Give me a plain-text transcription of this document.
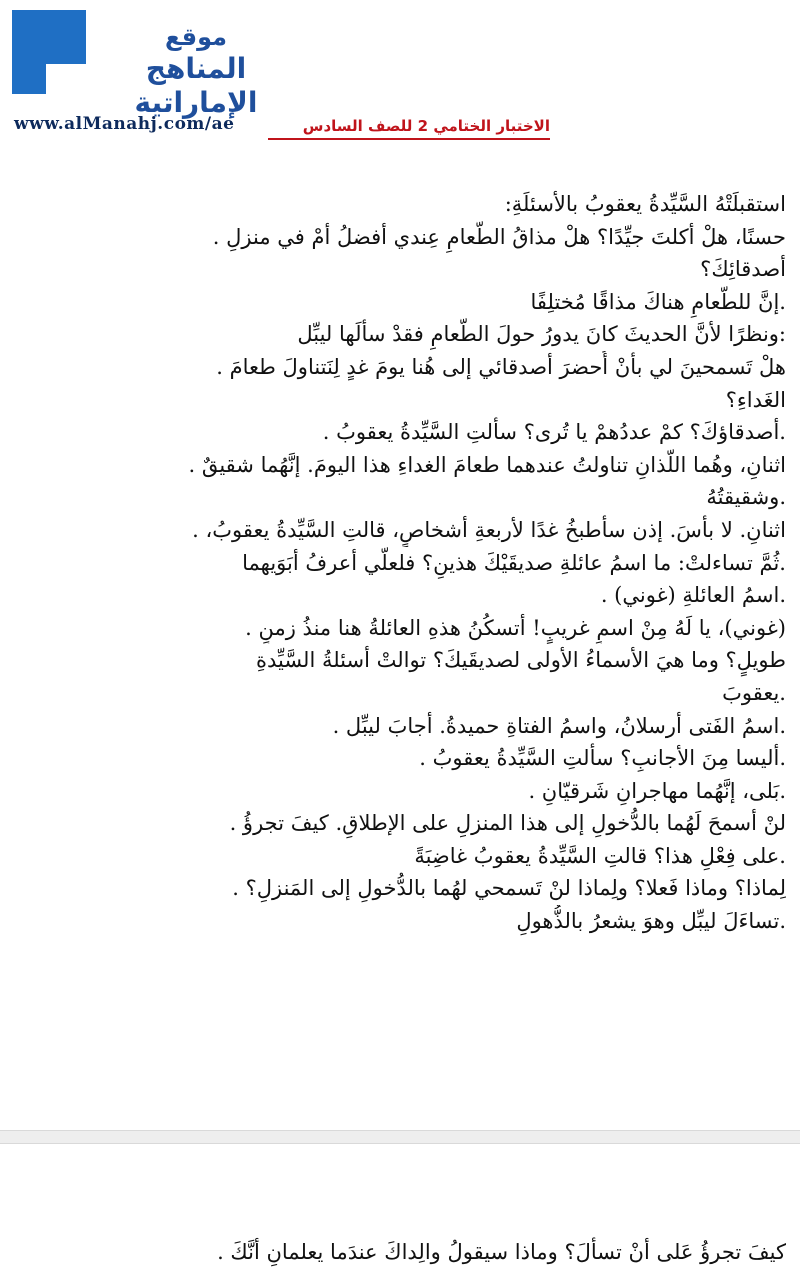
موقع
المناهج الإماراتية
www.alManahj.com/ae	الاختبار الختامي 2 للصف السادس
استقبلَتْهُ السَّيِّدةُ يعقوبُ بالأسئلَةِ:
حسنًا، هلْ أكلتَ جيِّدًا؟ هلْ مذاقُ الطَّعامِ عِندي أفضلُ أمْ في منزلِ .
أصدقائِكَ؟
.إنَّ للطَّعامِ هناكَ مذاقًا مُختلِفًا
:ونظرًا لأنَّ الحديثَ كانَ يدورُ حولَ الطَّعامِ فقدْ سألَها ليبِّل
هلْ تَسمحينَ لي بأنْ أُحضرَ أصدقائي إلى هُنا يومَ غدٍ لِنَتناولَ طعامَ .
الغَداءِ؟
.أصدقاؤكَ؟ كمْ عددُهمْ يا تُرى؟ سألتِ السَّيِّدةُ يعقوبُ .
اثنانِ، وهُما اللّذانِ تناولتُ عندهما طعامَ الغداءِ هذا اليومَ. إنَّهُما شقيقٌ .
.وشقيقتُهُ
اثنانِ. لا بأسَ. إذن سأطبخُ غدًا لأربعةِ أشخاصٍ، قالتِ السَّيِّدةُ يعقوبُ، .
.ثُمَّ تساءلتْ: ما اسمُ عائلةِ صديقَيْكَ هذينِ؟ فلعلّي أعرفُ أبَوَيهما
.اسمُ العائلةِ (غوني) .
(غوني)، يا لَهُ مِنْ اسمٍ غريبٍ! أتسكُنُ هذهِ العائلةُ هنا منذُ زمنٍ .
طويلٍ؟ وما هيَ الأسماءُ الأولى لصديقَيكَ؟ توالتْ أسئلةُ السَّيِّدةِ
.يعقوبَ
.اسمُ الفَتى أرسلانُ، واسمُ الفتاةِ حميدةُ. أجابَ ليبِّل .
.أليسا مِنَ الأجانبِ؟ سألتِ السَّيِّدةُ يعقوبُ .
.بَلى، إنَّهُما مهاجرانِ شَرقيّانِ .
لنْ أسمحَ لَهُما بالدُّخولِ إلى هذا المنزلِ على الإطلاقِ. كيفَ تجرؤُ .
.على فِعْلِ هذا؟ قالتِ السَّيِّدةُ يعقوبُ غاضِبَةً
لِماذا؟ وماذا فَعلا؟ ولِماذا لنْ تَسمحي لهُما بالدُّخولِ إلى المَنزلِ؟ .
.تساءَلَ ليبِّل وهوَ يشعرُ بالذُّهولِ
كيفَ تجرؤُ عَلى أنْ تسألَ؟ وماذا سيقولُ والِداكَ عندَما يعلمانِ أنَّكَ .
